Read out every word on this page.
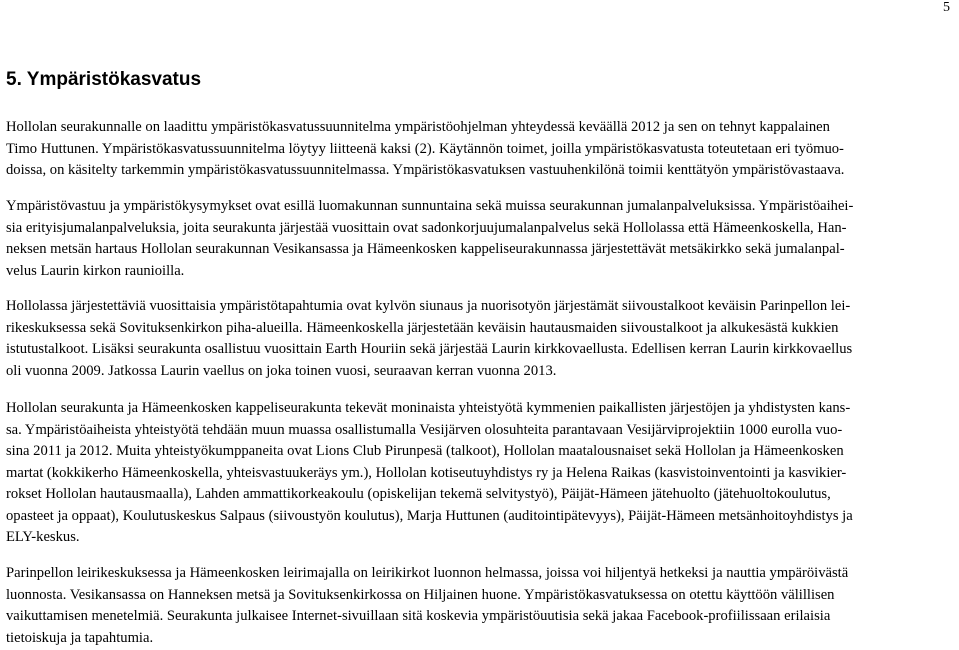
5
5. Ympäristökasvatus
Hollolan seurakunnalle on laadittu ympäristökasvatussuunnitelma ympäristöohjelman yhteydessä keväällä 2012 ja sen on tehnyt kappalainen
Timo Huttunen. Ympäristökasvatussuunnitelma löytyy liitteenä kaksi (2). Käytännön toimet, joilla ympäristökasvatusta toteutetaan eri työmuo-
doissa, on käsitelty tarkemmin ympäristökasvatussuunnitelmassa. Ympäristökasvatuksen vastuuhenkilönä toimii kenttätyön ympäristövastaava.
Ympäristövastuu ja ympäristökysymykset ovat esillä luomakunnan sunnuntaina sekä muissa seurakunnan jumalanpalveluksissa. Ympäristöaihei-
sia erityisjumalanpalveluksia, joita seurakunta järjestää vuosittain ovat sadonkorjuujumalanpalvelus sekä Hollolassa että Hämeenkoskella, Han-
neksen metsän hartaus Hollolan seurakunnan Vesikansassa ja Hämeenkosken kappeliseurakunnassa järjestettävät metsäkirkko sekä jumalanpal-
velus Laurin kirkon raunioilla.
Hollolassa järjestettäviä vuosittaisia ympäristötapahtumia ovat kylvön siunaus ja nuorisotyön järjestämät siivoustalkoot keväisin Parinpellon lei-
rikeskuksessa sekä Sovituksenkirkon piha-alueilla. Hämeenkoskella järjestetään keväisin hautausmaiden siivoustalkoot ja alkukesästä kukkien
istutustalkoot. Lisäksi seurakunta osallistuu vuosittain Earth Houriin sekä järjestää Laurin kirkkovaellusta. Edellisen kerran Laurin kirkkovaellus
oli vuonna 2009. Jatkossa Laurin vaellus on joka toinen vuosi, seuraavan kerran vuonna 2013.
Hollolan seurakunta ja Hämeenkosken kappeliseurakunta tekevät moninaista yhteistyötä kymmenien paikallisten järjestöjen ja yhdistysten kans-
sa. Ympäristöaiheista yhteistyötä tehdään muun muassa osallistumalla Vesijärven olosuhteita parantavaan Vesijärviprojektiin 1000 eurolla vuo-
sina 2011 ja 2012. Muita yhteistyökumppaneita ovat Lions Club Pirunpesä (talkoot), Hollolan maatalousnaiset sekä Hollolan ja Hämeenkosken
martat (kokkikerho Hämeenkoskella, yhteisvastuukeräys ym.), Hollolan kotiseutuyhdistys ry ja Helena Raikas (kasvistoinventointi ja kasvikier-
rokset Hollolan hautausmaalla), Lahden ammattikorkeakoulu (opiskelijan tekemä selvitystyö), Päijät-Hämeen jätehuolto (jätehuoltokoulutus,
opasteet ja oppaat), Koulutuskeskus Salpaus (siivoustyön koulutus), Marja Huttunen (auditointipätevyys), Päijät-Hämeen metsänhoitoyhdistys ja
ELY-keskus.
Parinpellon leirikeskuksessa ja Hämeenkosken leirimajalla on leirikirkot luonnon helmassa, joissa voi hiljentyä hetkeksi ja nauttia ympäröivästä
luonnosta. Vesikansassa on Hanneksen metsä ja Sovituksenkirkossa on Hiljainen huone. Ympäristökasvatuksessa on otettu käyttöön välillisen
vaikuttamisen menetelmiä. Seurakunta julkaisee Internet-sivuillaan sitä koskevia ympäristöuutisia sekä jakaa Facebook-profiilissaan erilaisia
tietoiskuja ja tapahtumia.
